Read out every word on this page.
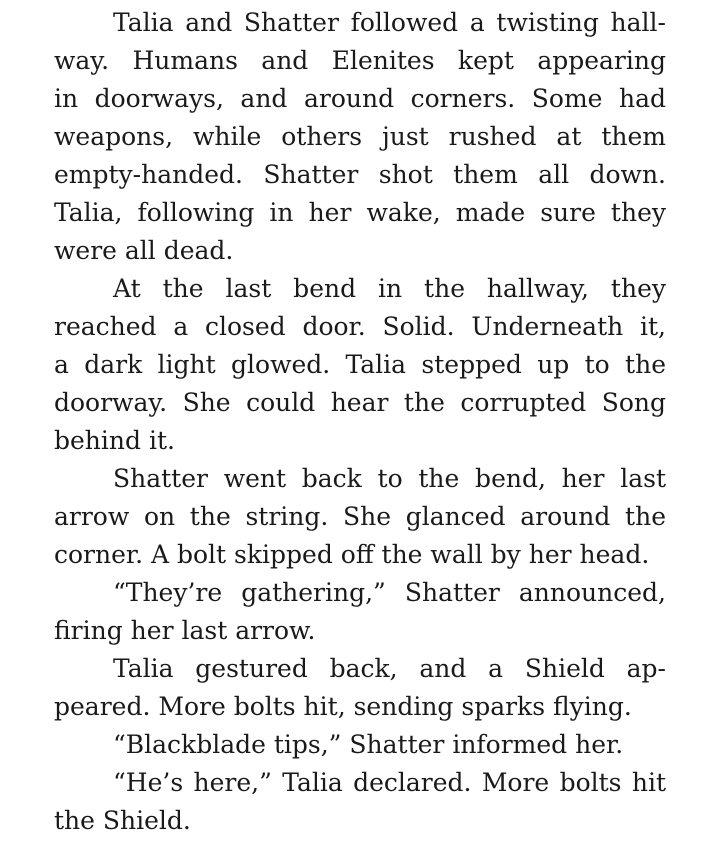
Talia and Shatter followed a twisting hall-
way. Humans and Elenites kept appearing
in doorways, and around corners. Some had
weapons, while others just rushed at them
empty-handed. Shatter shot them all down.
Talia, following in her wake, made sure they
were all dead.
At the last bend in the hallway, they
reached a closed door. Solid. Underneath it,
a dark light glowed. Talia stepped up to the
doorway. She could hear the corrupted Song
behind it.
Shatter went back to the bend, her last
arrow on the string. She glanced around the
corner. A bolt skipped off the wall by her head.
“They’re gathering,” Shatter announced,
firing her last arrow.
Talia gestured back, and a Shield ap-
peared. More bolts hit, sending sparks flying.
“Blackblade tips,” Shatter informed her.
“He’s here,” Talia declared. More bolts hit
the Shield.
